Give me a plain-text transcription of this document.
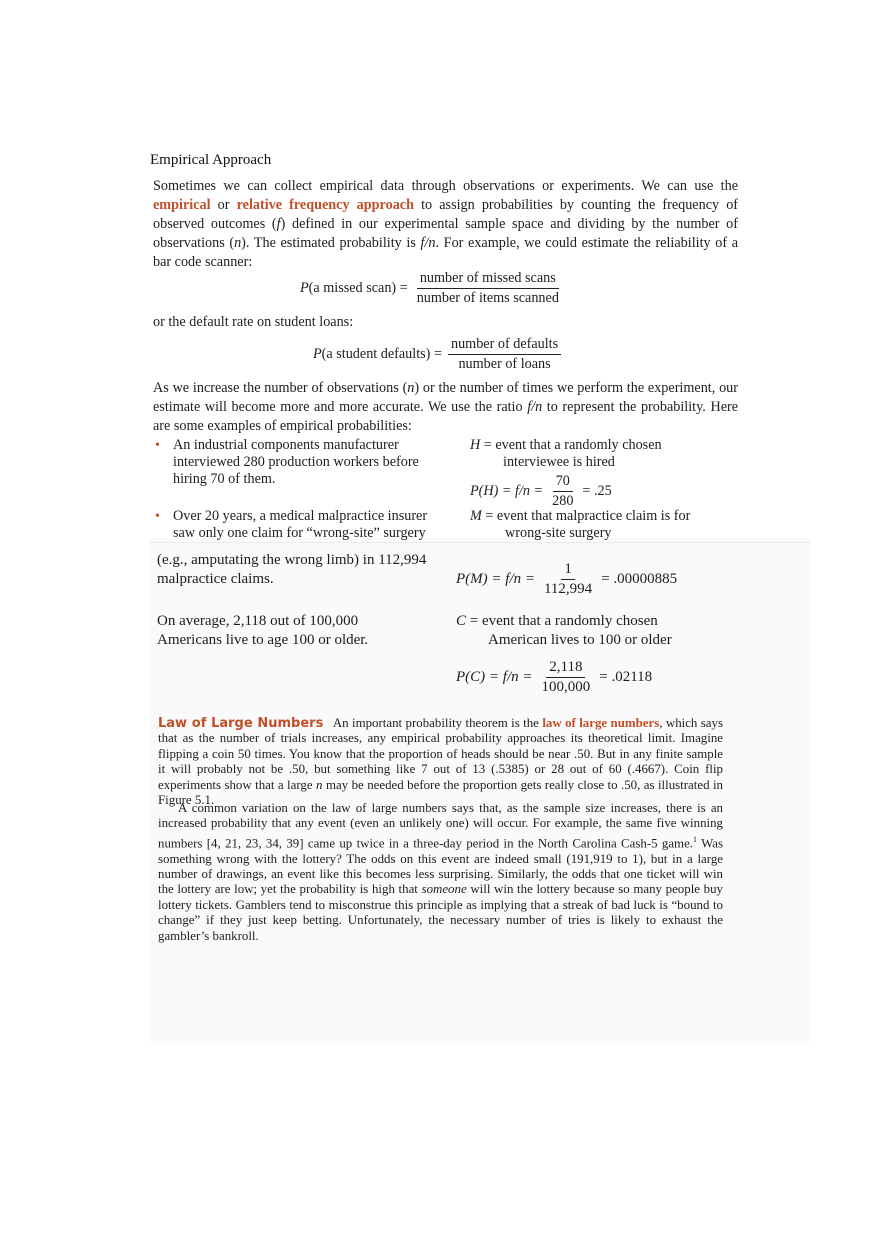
Empirical Approach
Sometimes we can collect empirical data through observations or experiments. We can use the empirical or relative frequency approach to assign probabilities by counting the frequency of observed outcomes (f) defined in our experimental sample space and dividing by the number of observations (n). The estimated probability is f/n. For example, we could estimate the reliability of a bar code scanner:
P (a missed scan) = $\frac{\text{number of missed scans}}{\text{number of items scanned}}$
or the default rate on student loans:
P (a student defaults) = $\frac{\text{number of defaults}}{\text{number of loans}}$
As we increase the number of observations (n) or the number of times we perform the experiment, our estimate will become more and more accurate. We use the ratio f/n to represent the probability. Here are some examples of empirical probabilities:
• An industrial components manufacturer interviewed 280 production workers before hiring 70 of them.
H = event that a randomly chosen
interviewee is hired
$P(H) = f/n = \frac{70}{280} = .25$
• Over 20 years, a medical malpractice insurer saw only one claim for “wrong-site” surgery
M = event that malpractice claim is for
wrong-site surgery
(e.g., amputating the wrong limb) in 112,994
malpractice claims.	$P(M) = f/n = \frac{1}{112,994} = .00000885$
On average, 2,118 out of 100,000
Americans live to age 100 or older.
C = event that a randomly chosen
American lives to 100 or older
$P(C) = f/n = \frac{2,118}{100,000} = .02118$
Law of Large Numbers An important probability theorem is the law of large numbers, which says that as the number of trials increases, any empirical probability approaches its theoretical limit. Imagine flipping a coin 50 times. You know that the proportion of heads should be near .50. But in any finite sample it will probably not be .50, but something like 7 out of 13 (.5385) or 28 out of 60 (.4667). Coin flip experiments show that a large n may be needed before the proportion gets really close to .50, as illustrated in Figure 5.1.
A common variation on the law of large numbers says that, as the sample size increases, there is an increased probability that any event (even an unlikely one) will occur. For example, the same five winning numbers [4, 21, 23, 34, 39] came up twice in a three-day period in the North Carolina Cash-5 game.$^1$ Was something wrong with the lottery? The odds on this event are indeed small (191,919 to 1), but in a large number of drawings, an event like this becomes less surprising. Similarly, the odds that one ticket will win the lottery are low; yet the probability is high that someone will win the lottery because so many people buy lottery tickets. Gamblers tend to misconstrue this principle as implying that a streak of bad luck is “bound to change” if they just keep betting. Unfortunately, the necessary number of tries is likely to exhaust the gambler’s bankroll.
